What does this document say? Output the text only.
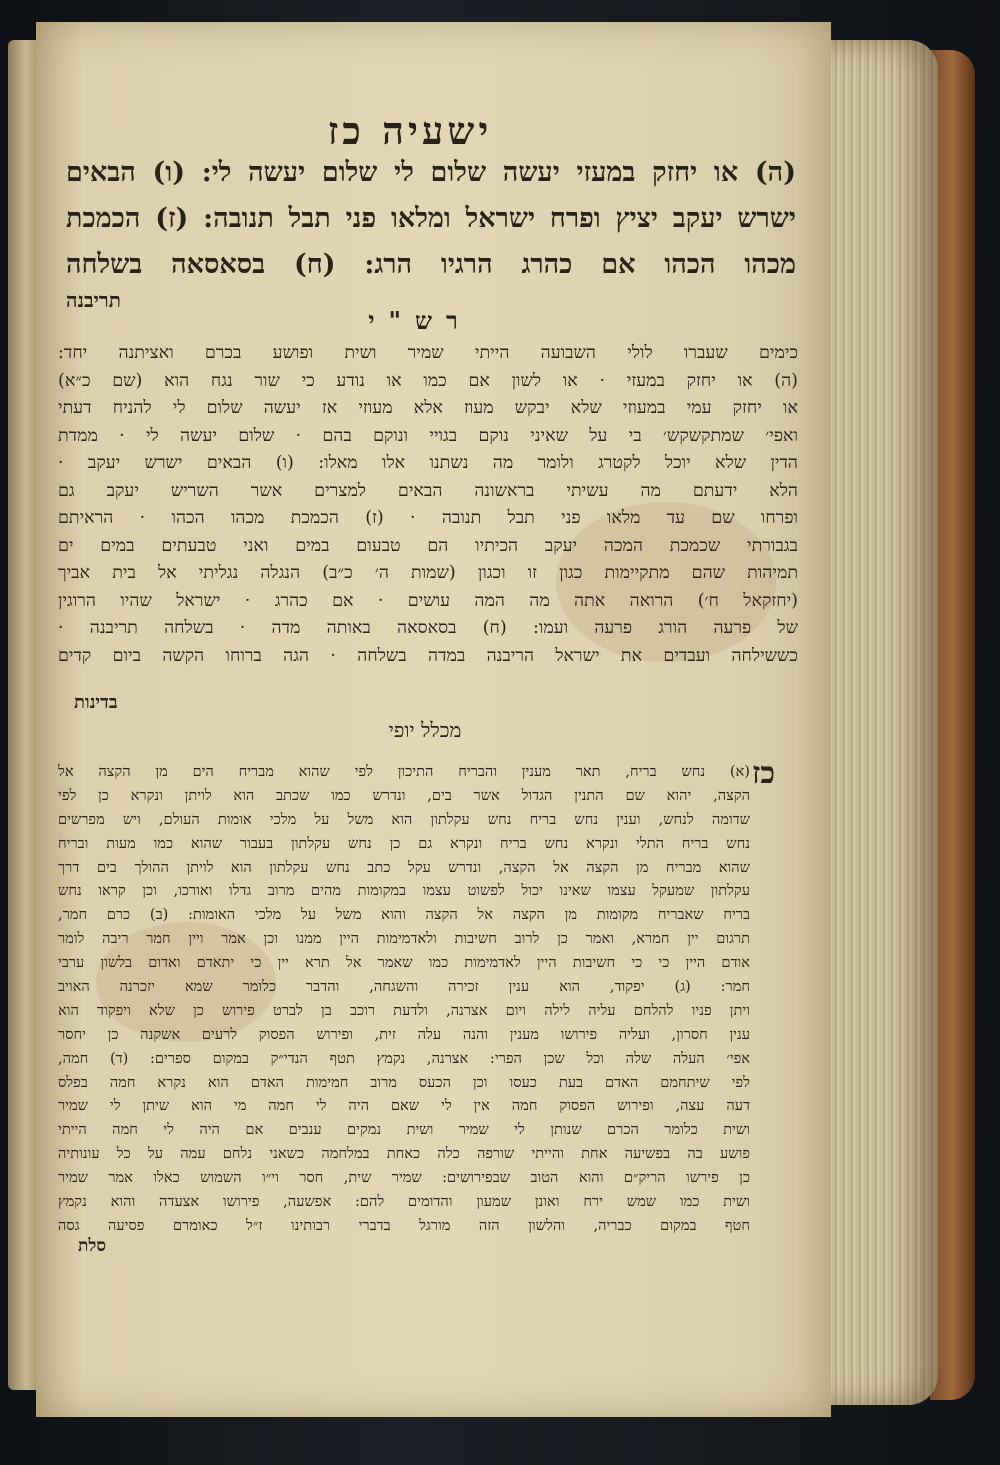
ישעיה כז
(ה) או יחזק במעזי יעשה שלום לי שלום יעשה לי: (ו) הבאים
ישרש יעקב יציץ ופרח ישראל ומלאו פני תבל תנובה: (ז) הכמכת
מכהו הכהו אם כהרג הרגיו הרג: (ח) בסאסאה בשלחה
תריבנה
רש"י
כימים שעברו לולי השבועה הייתי שמיר ושית ופושע בכרם ואציתנה יחד:
(ה) או יחזק במעזי · או לשון אם כמו או נודע כי שור נגח הוא (שם כ״א)
או יחזק עמי במעוזי שלא יבקש מעוז אלא מעוזי אז יעשה שלום לי להניח דעתי
ואפי׳ שמתקשקש׳ בי על שאיני נוקם בגויי ונוקם בהם · שלום יעשה לי · ממדת
הדין שלא יוכל לקטרג ולומר מה נשתנו אלו מאלו: (ו) הבאים ישרש יעקב ·
הלא ידעתם מה עשיתי בראשונה הבאים למצרים אשר השריש יעקב גם
ופרחו שם עד מלאו פני תבל תנובה · (ז) הכמכת מכהו הכהו · הראיתם
בגבורתי שכמכת המכה יעקב הכיתיו הם טבעום במים ואני טבעתים במים ים
תמיהות שהם מתקיימות כגון זו וכגון (שמות ה׳ כ״ב) הנגלה נגליתי אל בית אביך
(יחזקאל ח׳) הרואה אתה מה המה עושים · אם כהרג · ישראל שהיו הרוגין
של פרעה הורג פרעה ועמו: (ח) בסאסאה באותה מדה · בשלחה תריבנה ·
כששילחה ועבדים את ישראל הריבנה במדה בשלחה · הגה ברוחו הקשה ביום קדים
בדינות
מכלל יופי
כז
(א) נחש בריח, תאר מענין והבריח התיכון לפי שהוא מבריח הים מן הקצה אל
הקצה, יהוא שם התנין הגדול אשר בים, ונדרש כמו שכתב הוא לויתן ונקרא כן לפי
שדומה לנחש, וענין נחש בריח נחש עקלתון הוא משל על מלכי אומות העולם, ויש מפרשים
נחש בריח התלי ונקרא נחש בריח ונקרא גם כן נחש עקלתון בעבור שהוא כמו מעות ובריח
שהוא מבריח מן הקצה אל הקצה, ונדרש עקל כתב נחש עקלתון הוא לויתן ההולך בים דרך
עקלתון שמעקל עצמו שאינו יכול לפשוט עצמו במקומות מהים מרוב גדלו ואורכו, וכן קראו נחש
בריח שאבריח מקומות מן הקצה אל הקצה והוא משל על מלכי האומות: (ב) כרם חמר,
תרגום יין חמרא, ואמר כן לרוב חשיבות ולאדמימות היין ממנו וכן אמר ויין חמר ריבה לומר
אודם היין כי כי חשיבות היין לאדמימות כמו שאמר אל תרא יין כי יתאדם ואדום בלשון ערבי
חמר: (ג) יפקוד, הוא ענין זכירה והשגחה, והדבר כלומר שמא יזכרנה האויב
ויתן פניו להלחם עליה לילה ויום אצרנה, ולדעת רוכב בן לברט פירוש כן שלא ויפקוד הוא
ענין חסרון, ועליה פירושו מענין והנה עלה זית, ופירוש הפסוק לרעים אשקנה כן יחסר
אפי׳ העלה שלה וכל שכן הפרי: אצרנה, נקמץ תטף הנדי״ק במקום ספרים: (ד) חמה,
לפי שיתחמם האדם בעת כעסו וכן הכעס מרוב חמימות האדם הוא נקרא חמה בפלס
דעה עצה, ופירוש הפסוק חמה אין לי שאם היה לי חמה מי הוא שיתן לי שמיר
ושית כלומר הכרם שנותן לי שמיר ושית נמקים ענבים אם היה לי חמה הייתי
פושע בה בפשיעה אחת והייתי שורפה כלה כאחת במלחמה כשאני נלחם עמה על כל עונותיה
כן פירשו הריק״ם והוא הטוב שבפירושים: שמיר שית, חסר וי״ו השמוש כאלו אמר שמיר
ושית כמו שמש ירח ואונן שמעון והדומים להם: אפשעה, פירושו אצעדה והוא נקמץ
חטף במקום כבריה, והלשון הזה מורגל בדברי רבותינו ז״ל כאומרם פסיעה גסה
סלת
